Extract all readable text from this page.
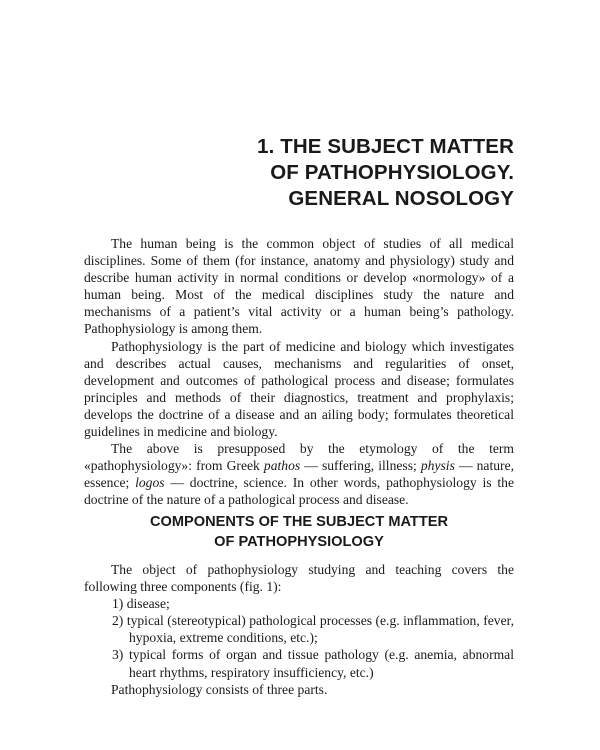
1. THE SUBJECT MATTER
OF PATHOPHYSIOLOGY.
GENERAL NOSOLOGY

The human being is the common object of studies of all medical disciplines. Some of them (for instance, anatomy and physiology) study and describe human activity in normal conditions or develop «normology» of a human being. Most of the medical disciplines study the nature and mechanisms of a patient’s vital activity or a human being’s pathology. Pathophysiology is among them.

Pathophysiology is the part of medicine and biology which investigates and describes actual causes, mechanisms and regularities of onset, development and outcomes of pathological process and disease; formulates principles and methods of their diagnostics, treatment and prophylaxis; develops the doctrine of a disease and an ailing body; formulates theoretical guidelines in medicine and biology.

The above is presupposed by the etymology of the term «pathophysiology»: from Greek pathos — suffering, illness; physis — nature, essence; logos — doctrine, science. In other words, pathophysiology is the doctrine of the nature of a pathological process and disease.

COMPONENTS OF THE SUBJECT MATTER
OF PATHOPHYSIOLOGY

The object of pathophysiology studying and teaching covers the following three components (fig. 1):

1) disease;
2) typical (stereotypical) pathological processes (e.g. inflammation, fever, hypoxia, extreme conditions, etc.);
3) typical forms of organ and tissue pathology (e.g. anemia, abnormal heart rhythms, respiratory insufficiency, etc.)

Pathophysiology consists of three parts.
